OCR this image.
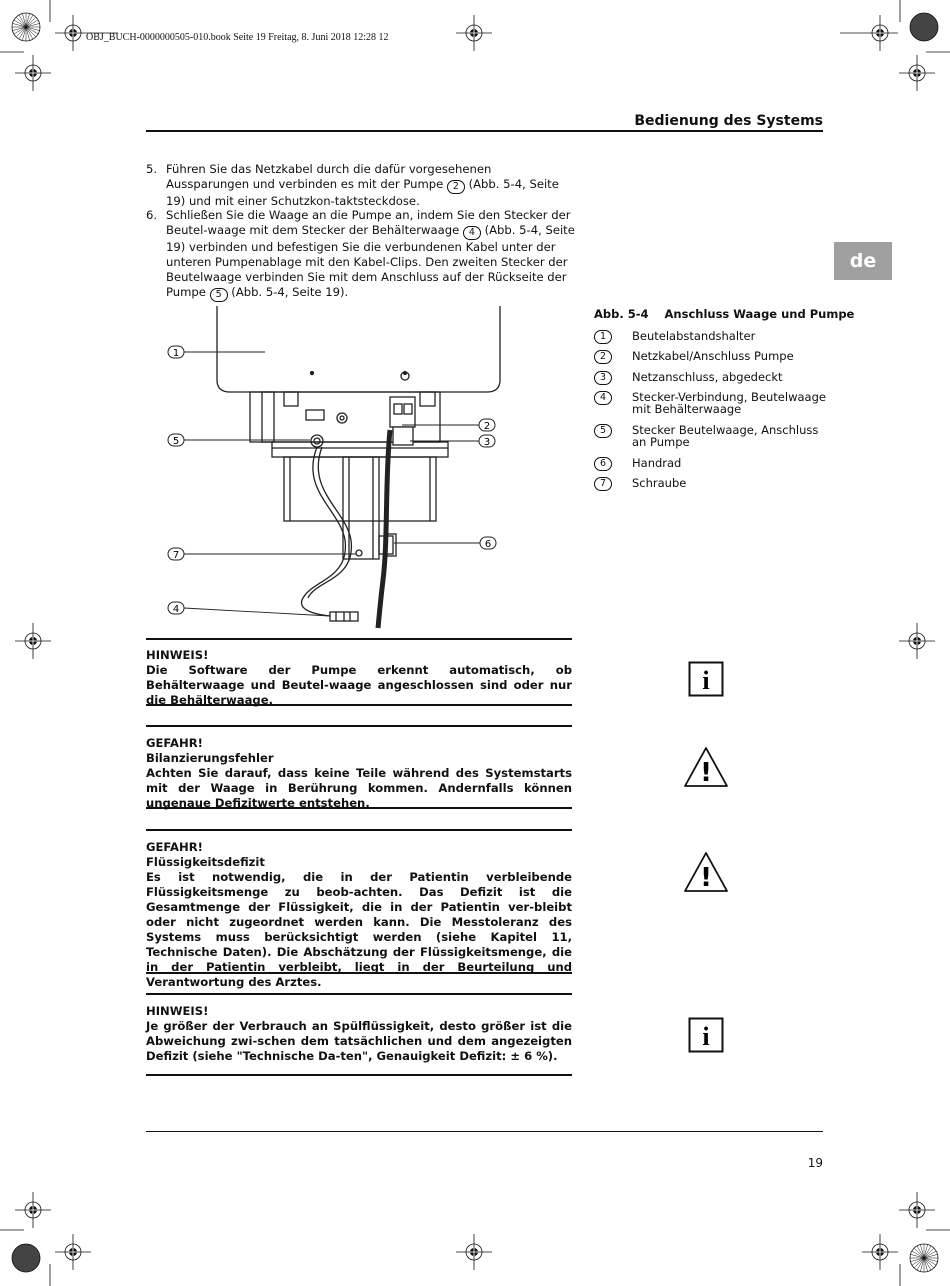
OBJ_BUCH-0000000505-010.book Seite 19 Freitag, 8. Juni 2018 12:28 12
Bedienung des Systems
de
5. Führen Sie das Netzkabel durch die dafür vorgesehenen Aussparungen und verbinden es mit der Pumpe 2 (Abb. 5-4, Seite 19) und mit einer Schutzkon-taktsteckdose.
6. Schließen Sie die Waage an die Pumpe an, indem Sie den Stecker der Beutel-waage mit dem Stecker der Behälterwaage 4 (Abb. 5-4, Seite 19) verbinden und befestigen Sie die verbundenen Kabel unter der unteren Pumpenablage mit den Kabel-Clips. Den zweiten Stecker der Beutelwaage verbinden Sie mit dem Anschluss auf der Rückseite der Pumpe 5 (Abb. 5-4, Seite 19).
1
5
7
4
2
3
6
Abb. 5-4 Anschluss Waage und Pumpe
1	Beutelabstandshalter
2	Netzkabel/Anschluss Pumpe
3	Netzanschluss, abgedeckt
4	Stecker-Verbindung, Beutelwaage mit Behälterwaage
5	Stecker Beutelwaage, Anschluss an Pumpe
6	Handrad
7	Schraube
HINWEIS!
Die Software der Pumpe erkennt automatisch, ob Behälterwaage und Beutel-waage angeschlossen sind oder nur die Behälterwaage.
GEFAHR!
Bilanzierungsfehler
Achten Sie darauf, dass keine Teile während des Systemstarts mit der Waage in Berührung kommen. Andernfalls können ungenaue Defizitwerte entstehen.
GEFAHR!
Flüssigkeitsdefizit
Es ist notwendig, die in der Patientin verbleibende Flüssigkeitsmenge zu beob-achten. Das Defizit ist die Gesamtmenge der Flüssigkeit, die in der Patientin ver-bleibt oder nicht zugeordnet werden kann. Die Messtoleranz des Systems muss berücksichtigt werden (siehe Kapitel 11, Technische Daten). Die Abschätzung der Flüssigkeitsmenge, die in der Patientin verbleibt, liegt in der Beurteilung und Verantwortung des Arztes.
HINWEIS!
Je größer der Verbrauch an Spülflüssigkeit, desto größer ist die Abweichung zwi-schen dem tatsächlichen und dem angezeigten Defizit (siehe "Technische Da-ten", Genauigkeit Defizit: ± 6 %).
i
!
!
i
19
